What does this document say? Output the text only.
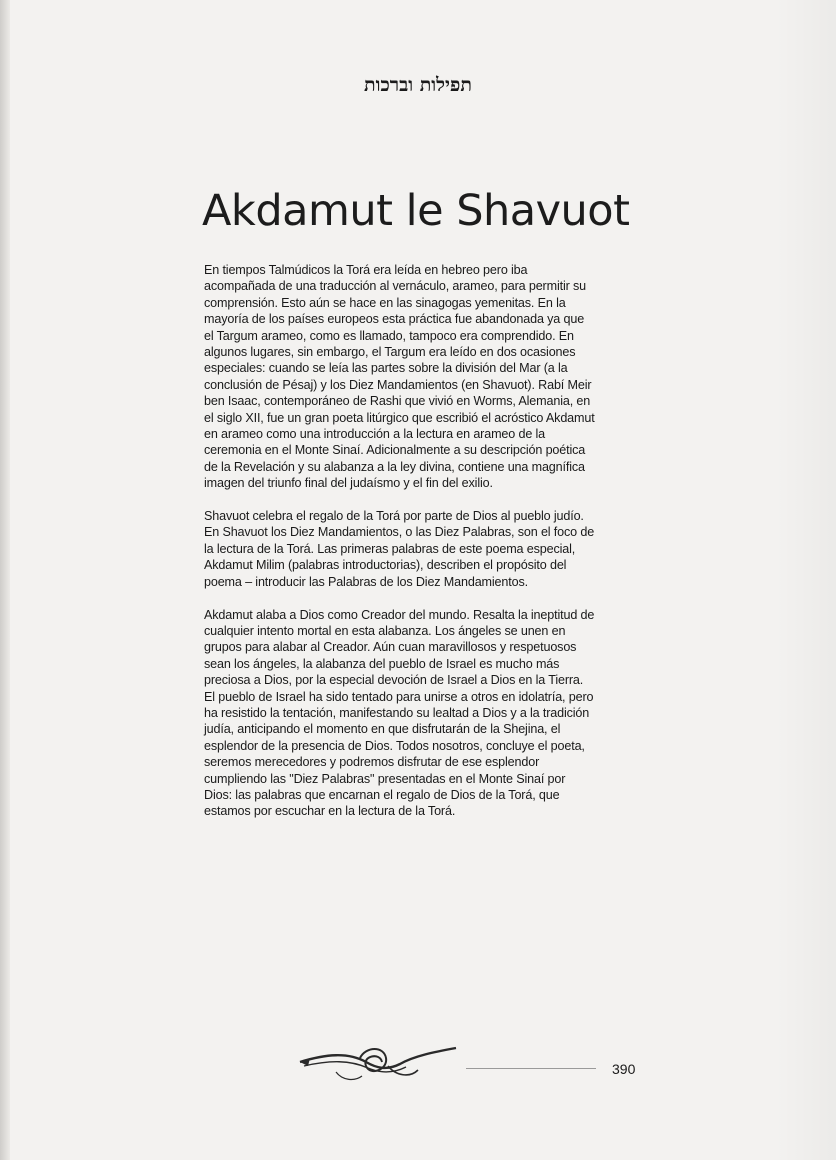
תפילות וברכות
Akdamut le Shavuot

En tiempos Talmúdicos la Torá era leída en hebreo pero iba acompañada de una traducción al vernáculo, arameo, para permitir su comprensión. Esto aún se hace en las sinagogas yemenitas. En la mayoría de los países europeos esta práctica fue abandonada ya que el Targum arameo, como es llamado, tampoco era comprendido. En algunos lugares, sin embargo, el Targum era leído en dos ocasiones especiales: cuando se leía las partes sobre la división del Mar (a la conclusión de Pésaj) y los Diez Mandamientos (en Shavuot). Rabí Meir ben Isaac, contemporáneo de Rashi que vivió en Worms, Alemania, en el siglo XII, fue un gran poeta litúrgico que escribió el acróstico Akdamut en arameo como una introducción a la lectura en arameo de la ceremonia en el Monte Sinaí. Adicionalmente a su descripción poética de la Revelación y su alabanza a la ley divina, contiene una magnífica imagen del triunfo final del judaísmo y el fin del exilio.

Shavuot celebra el regalo de la Torá por parte de Dios al pueblo judío. En Shavuot los Diez Mandamientos, o las Diez Palabras, son el foco de la lectura de la Torá. Las primeras palabras de este poema especial, Akdamut Milim (palabras introductorias), describen el propósito del poema – introducir las Palabras de los Diez Mandamientos.

Akdamut alaba a Dios como Creador del mundo. Resalta la ineptitud de cualquier intento mortal en esta alabanza. Los ángeles se unen en grupos para alabar al Creador. Aún cuan maravillosos y respetuosos sean los ángeles, la alabanza del pueblo de Israel es mucho más preciosa a Dios, por la especial devoción de Israel a Dios en la Tierra. El pueblo de Israel ha sido tentado para unirse a otros en idolatría, pero ha resistido la tentación, manifestando su lealtad a Dios y a la tradición judía, anticipando el momento en que disfrutarán de la Shejina, el esplendor de la presencia de Dios. Todos nosotros, concluye el poeta, seremos merecedores y podremos disfrutar de ese esplendor cumpliendo las "Diez Palabras" presentadas en el Monte Sinaí por Dios: las palabras que encarnan el regalo de Dios de la Torá, que estamos por escuchar en la lectura de la Torá.

390
